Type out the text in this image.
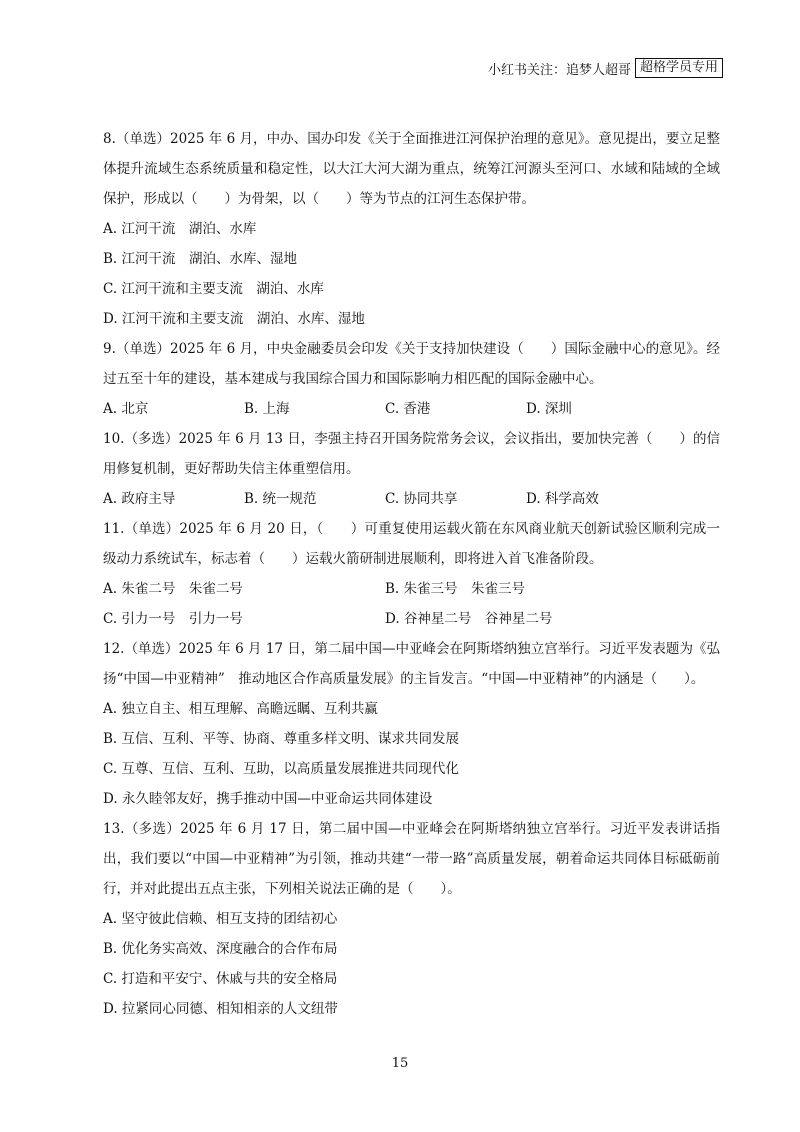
小红书关注：追梦人超哥 超格学员专用

8.（单选）2025 年 6 月，中办、国办印发《关于全面推进江河保护治理的意见》。意见提出，要立足整体提升流域生态系统质量和稳定性，以大江大河大湖为重点，统筹江河源头至河口、水域和陆域的全域保护，形成以（　　）为骨架，以（　　）等为节点的江河生态保护带。

A. 江河干流　湖泊、水库

B. 江河干流　湖泊、水库、湿地

C. 江河干流和主要支流　湖泊、水库

D. 江河干流和主要支流　湖泊、水库、湿地

9.（单选）2025 年 6 月，中央金融委员会印发《关于支持加快建设（　　）国际金融中心的意见》。经过五至十年的建设，基本建成与我国综合国力和国际影响力相匹配的国际金融中心。

A. 北京	B. 上海	C. 香港	D. 深圳

10.（多选）2025 年 6 月 13 日，李强主持召开国务院常务会议，会议指出，要加快完善（　　）的信用修复机制，更好帮助失信主体重塑信用。

A. 政府主导	B. 统一规范	C. 协同共享	D. 科学高效

11.（单选）2025 年 6 月 20 日，（　　）可重复使用运载火箭在东风商业航天创新试验区顺利完成一级动力系统试车，标志着（　　）运载火箭研制进展顺利，即将进入首飞准备阶段。

A. 朱雀二号　朱雀二号	B. 朱雀三号　朱雀三号
C. 引力一号　引力一号	D. 谷神星二号　谷神星二号

12.（单选）2025 年 6 月 17 日，第二届中国—中亚峰会在阿斯塔纳独立宫举行。习近平发表题为《弘扬“中国—中亚精神”　推动地区合作高质量发展》的主旨发言。“中国—中亚精神”的内涵是（　　）。

A. 独立自主、相互理解、高瞻远瞩、互利共赢

B. 互信、互利、平等、协商、尊重多样文明、谋求共同发展

C. 互尊、互信、互利、互助，以高质量发展推进共同现代化

D. 永久睦邻友好，携手推动中国—中亚命运共同体建设

13.（多选）2025 年 6 月 17 日，第二届中国—中亚峰会在阿斯塔纳独立宫举行。习近平发表讲话指出，我们要以“中国—中亚精神”为引领，推动共建“一带一路”高质量发展，朝着命运共同体目标砥砺前行，并对此提出五点主张，下列相关说法正确的是（　　）。

A. 坚守彼此信赖、相互支持的团结初心

B. 优化务实高效、深度融合的合作布局

C. 打造和平安宁、休戚与共的安全格局

D. 拉紧同心同德、相知相亲的人文纽带

15
